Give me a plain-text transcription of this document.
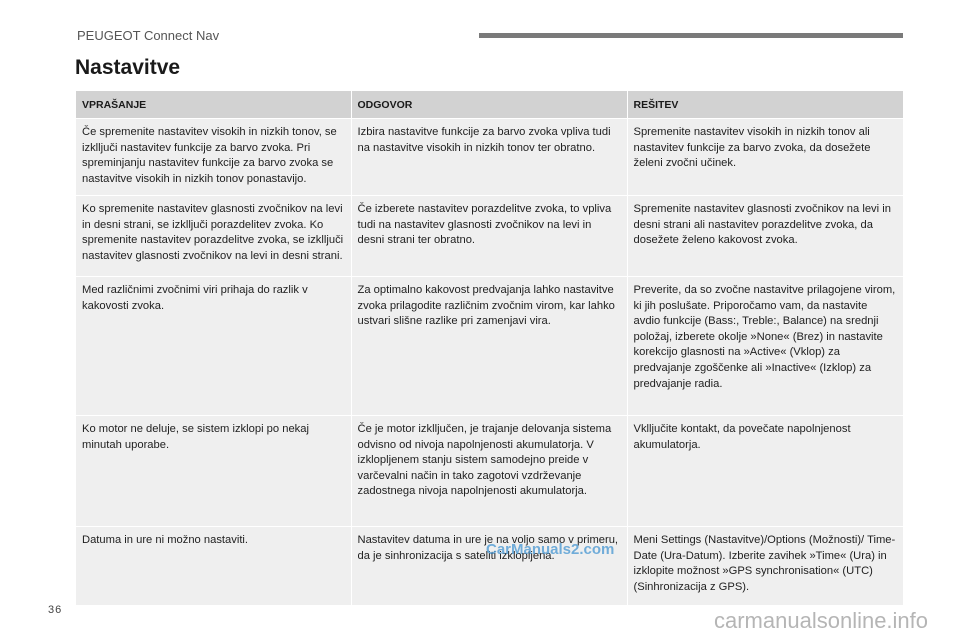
PEUGEOT Connect Nav
Nastavitve
VPRAŠANJE	ODGOVOR	REŠITEV
Če spremenite nastavitev visokih in nizkih tonov, se izklljuči nastavitev funkcije za barvo zvoka. Pri spreminjanju nastavitev funkcije za barvo zvoka se nastavitve visokih in nizkih tonov ponastavijo.	Izbira nastavitve funkcije za barvo zvoka vpliva tudi na nastavitve visokih in nizkih tonov ter obratno.	Spremenite nastavitev visokih in nizkih tonov ali nastavitev funkcije za barvo zvoka, da dosežete želeni zvočni učinek.
Ko spremenite nastavitev glasnosti zvočnikov na levi in desni strani, se izklljuči porazdelitev zvoka. Ko spremenite nastavitev porazdelitve zvoka, se izklljuči nastavitev glasnosti zvočnikov na levi in desni strani.	Če izberete nastavitev porazdelitve zvoka, to vpliva tudi na nastavitev glasnosti zvočnikov na levi in desni strani ter obratno.	Spremenite nastavitev glasnosti zvočnikov na levi in desni strani ali nastavitev porazdelitve zvoka, da dosežete želeno kakovost zvoka.
Med različnimi zvočnimi viri prihaja do razlik v kakovosti zvoka.	Za optimalno kakovost predvajanja lahko nastavitve zvoka prilagodite različnim zvočnim virom, kar lahko ustvari slišne razlike pri zamenjavi vira.	Preverite, da so zvočne nastavitve prilagojene virom, ki jih poslušate. Priporočamo vam, da nastavite avdio funkcije (Bass:, Treble:, Balance) na srednji položaj, izberete okolje »None« (Brez) in nastavite korekcijo glasnosti na »Active« (Vklop) za predvajanje zgoščenke ali »Inactive« (Izklop) za predvajanje radia.
Ko motor ne deluje, se sistem izklopi po nekaj minutah uporabe.	Če je motor izklljučen, je trajanje delovanja sistema odvisno od nivoja napolnjenosti akumulatorja. V izklopljenem stanju sistem samodejno preide v varčevalni način in tako zagotovi vzdrževanje zadostnega nivoja napolnjenosti akumulatorja.	Vklljučite kontakt, da povečate napolnjenost akumulatorja.
Datuma in ure ni možno nastaviti.	Nastavitev datuma in ure je na voljo samo v primeru, da je sinhronizacija s sateliti izklopljena.	Meni Settings (Nastavitve)/Options (Možnosti)/ Time-Date (Ura-Datum). Izberite zavihek »Time« (Ura) in izklopite možnost »GPS synchronisation« (UTC) (Sinhronizacija z GPS).
CarManuals2.com
36	carmanualsonline.info
